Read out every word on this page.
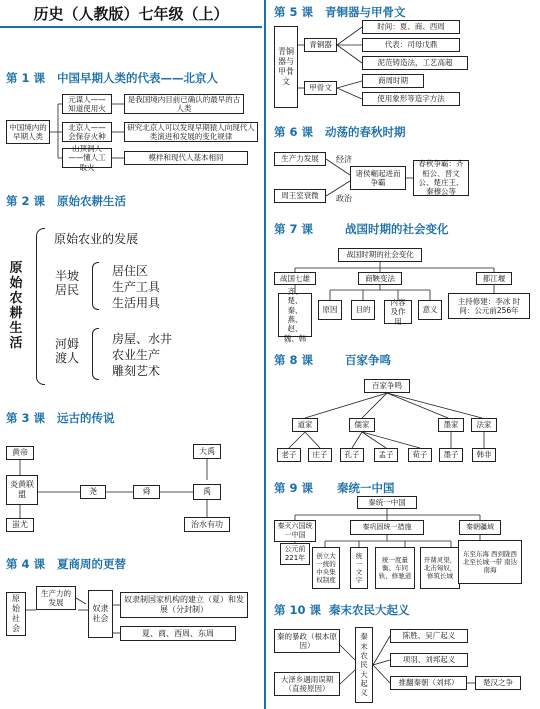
历史（人教版）七年级（上）
第 1 课 中国早期人类的代表——北京人
中国境内的早期人类
元谋人——知道使用火
是我国境内目前已确认的最早的古人类
北京人——会保存火种
研究北京人可以发现早期猿人向现代人类演进和发展的变化规律
山顶洞人——懂人工取火
模样和现代人基本相同
第 2 课 原始农耕生活
原始农耕生活
原始农业的发展
半坡居民
居住区
生产工具
生活用具
河姆渡人
房屋、水井
农业生产
雕刻艺术
第 3 课 远古的传说
黄帝
炎黄联盟
蚩尤
尧	舜
大禹
禹
治水有功
第 4 课 夏商周的更替
原始社会
生产力的发展
奴隶社会
奴隶制国家机构的建立（夏）和发展（分封制）
夏、商、西周、东周
第 5 课 青铜器与甲骨文
青铜器与甲骨文
青铜器
时间：夏、商、西周
代表：司母戊鼎
泥范铸造法，工艺高超
甲骨文
商周时期
使用象形等造字方法
第 6 课 动荡的春秋时期
生产力发展
周王室衰微
经济
政治
诸侯崛起进而争霸
春秋争霸：齐桓公、晋文公、楚庄王、秦穆公等
第 7 课	战国时期的社会变化
战国时期的社会变化
战国七雄
齐、楚、秦、燕、赵、魏、韩
商鞅变法
原因	目的
内容及作用
意义
都江堰
主持修建：李冰 时间：公元前256年
第 8 课	百家争鸣
百家争鸣
道家	儒家	墨家	法家
老子	庄子	孔子	孟子	荀子	墨子	韩非
第 9 课 秦统一中国
秦统一中国
秦灭六国统一中国
公元前221年
秦巩固统一措施
创立大一统的中央集权制度
统一文字
统一度量衡、车同轨、修驰道
开凿灵渠，北击匈奴，修筑长城
秦朝疆域
东至东海 西到陇西 北至长城一带 南达南海
第 10 课 秦末农民大起义
秦的暴政（根本原因）
大泽乡遇雨误期（直接原因）
秦末农民大起义
陈胜、吴广起义
项羽、刘邦起义
推翻秦朝（刘邦）	楚汉之争
